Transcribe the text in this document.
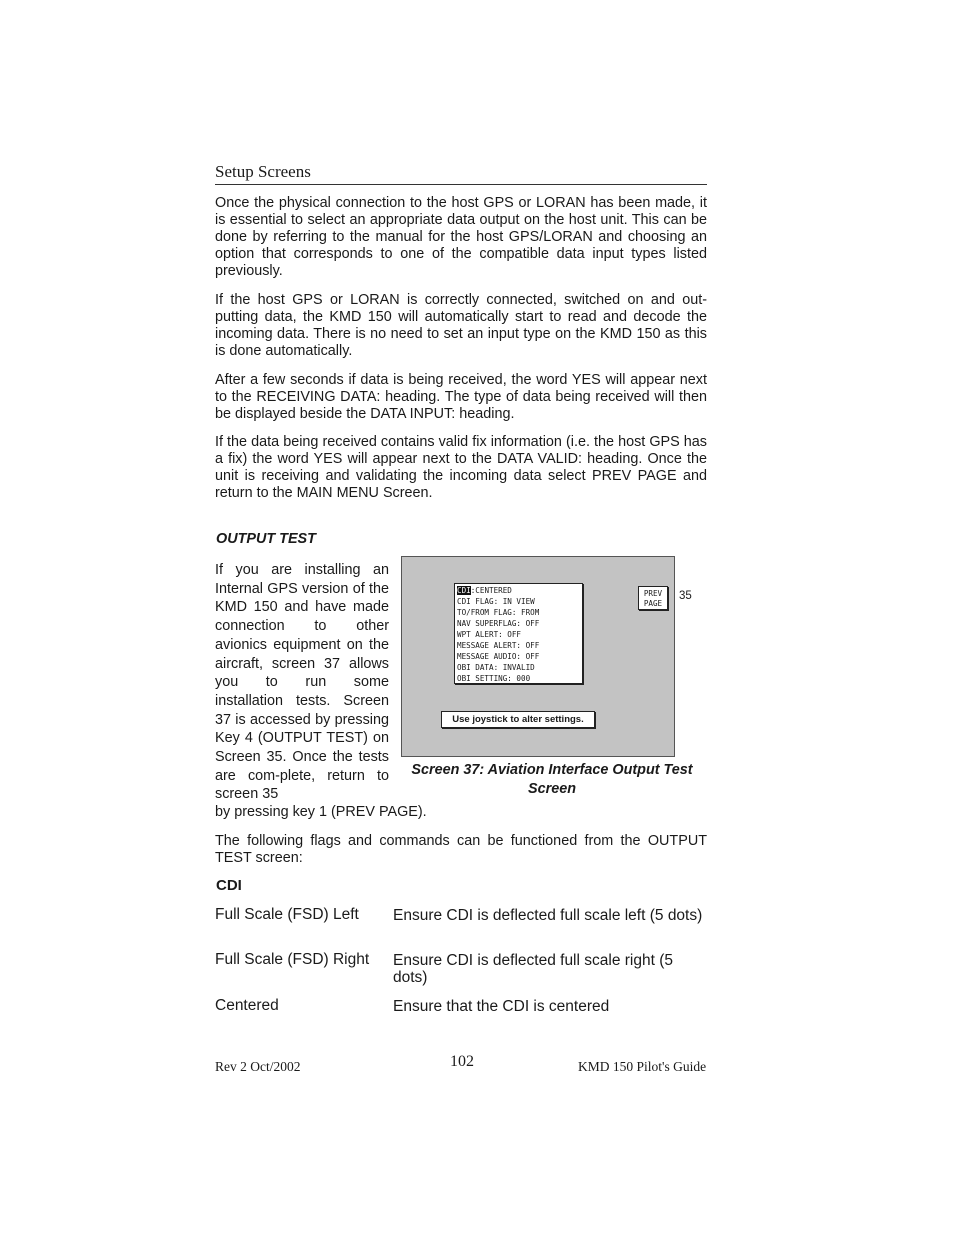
Setup Screens

Once the physical connection to the host GPS or LORAN has been made, it is essential to select an appropriate data output on the host unit. This can be done by referring to the manual for the host GPS/LORAN and choosing an option that corresponds to one of the compatible data input types listed previously.

If the host GPS or LORAN is correctly connected, switched on and out-putting data, the KMD 150 will automatically start to read and decode the incoming data. There is no need to set an input type on the KMD 150 as this is done automatically.

After a few seconds if data is being received, the word YES will appear next to the RECEIVING DATA: heading. The type of data being received will then be displayed beside the DATA INPUT: heading.

If the data being received contains valid fix information (i.e. the host GPS has a fix) the word YES will appear next to the DATA VALID: heading. Once the unit is receiving and validating the incoming data select PREV PAGE and return to the MAIN MENU Screen.

OUTPUT TEST

If you are installing an Internal GPS version of the KMD 150 and have made connection to other avionics equipment on the aircraft, screen 37 allows you to run some installation tests. Screen 37 is accessed by pressing Key 4 (OUTPUT TEST) on Screen 35. Once the tests are com-plete, return to screen 35

by pressing key 1 (PREV PAGE).
CDI:CENTERED
CDI FLAG: IN VIEW
TO/FROM FLAG: FROM
NAV SUPERFLAG: OFF
WPT ALERT: OFF
MESSAGE ALERT: OFF
MESSAGE AUDIO: OFF
OBI DATA: INVALID
OBI SETTING: 000
PREV
PAGE
Use joystick to alter settings.
35
Screen 37: Aviation Interface Output Test Screen

The following flags and commands can be functioned from the OUTPUT TEST screen:

CDI
Full Scale (FSD) Left Ensure CDI is deflected full scale left (5 dots)
Full Scale (FSD) Right Ensure CDI is deflected full scale right (5 dots)
Centered	Ensure that the CDI is centered
Rev 2 Oct/2002	102	KMD 150 Pilot's Guide
